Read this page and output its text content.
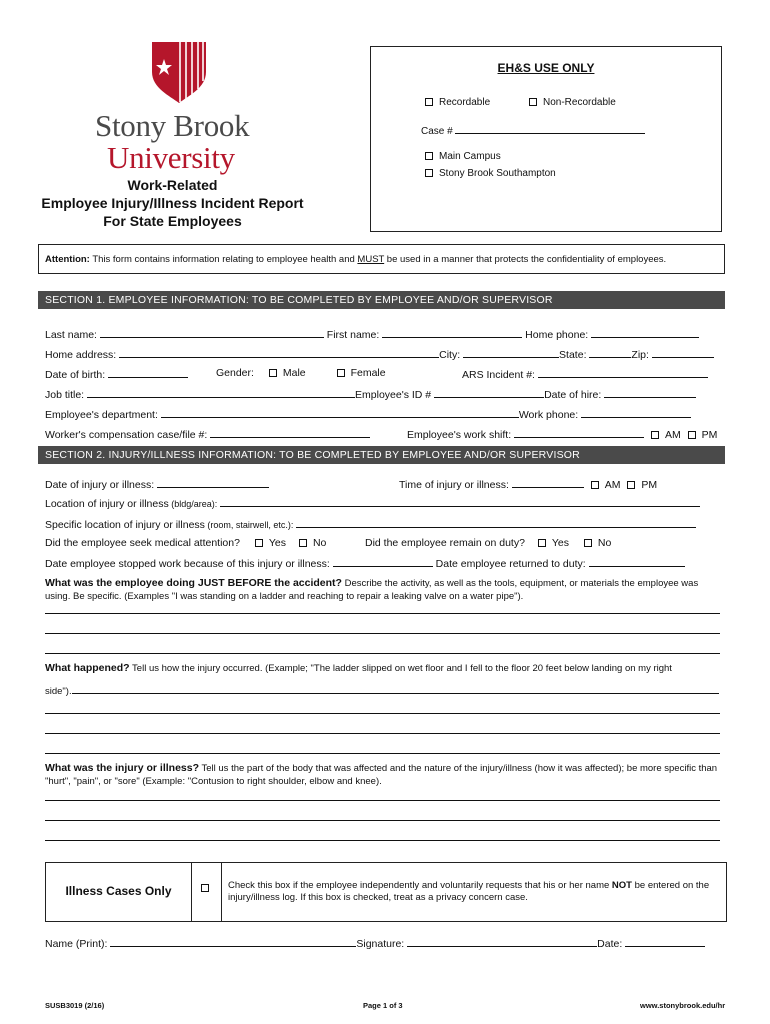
Stony Brook
University
Work-Related
Employee Injury/Illness Incident Report
For State Employees
EH&S USE ONLY
Recordable	Non-Recordable
Case #
Main Campus
Stony Brook Southampton
Attention: This form contains information relating to employee health and MUST be used in a manner that protects the confidentiality of employees.
SECTION 1. EMPLOYEE INFORMATION: TO BE COMPLETED BY EMPLOYEE AND/OR SUPERVISOR
Last name:	First name:	Home phone:
Home address:	City:	State:	Zip:
Date of birth:	Gender:	Male	Female	ARS Incident #:
Job title:	Employee's ID #	Date of hire:
Employee's department:	Work phone:
Worker's compensation case/file #:	Employee's work shift:	AM PM
SECTION 2. INJURY/ILLNESS INFORMATION: TO BE COMPLETED BY EMPLOYEE AND/OR SUPERVISOR
Date of injury or illness:	Time of injury or illness:	AM PM
Location of injury or illness (bldg/area):
Specific location of injury or illness (room, stairwell, etc.):
Did the employee seek medical attention?	Yes	No	Did the employee remain on duty?	Yes	No
Date employee stopped work because of this injury or illness:	Date employee returned to duty:
What was the employee doing JUST BEFORE the accident? Describe the activity, as well as the tools, equipment, or materials the employee was using. Be specific. (Examples "I was standing on a ladder and reaching to repair a leaking valve on a water pipe").
What happened? Tell us how the injury occurred. (Example; "The ladder slipped on wet floor and I fell to the floor 20 feet below landing on my right
side").
What was the injury or illness? Tell us the part of the body that was affected and the nature of the injury/illness (how it was affected); be more specific than "hurt", "pain", or "sore" (Example: "Contusion to right shoulder, elbow and knee).
Illness Cases Only	Check this box if the employee independently and voluntarily requests that his or her name NOT be entered on the injury/illness log. If this box is checked, treat as a privacy concern case.
Name (Print):	Signature:	Date:
SUSB3019 (2/16)	Page 1 of 3	www.stonybrook.edu/hr
